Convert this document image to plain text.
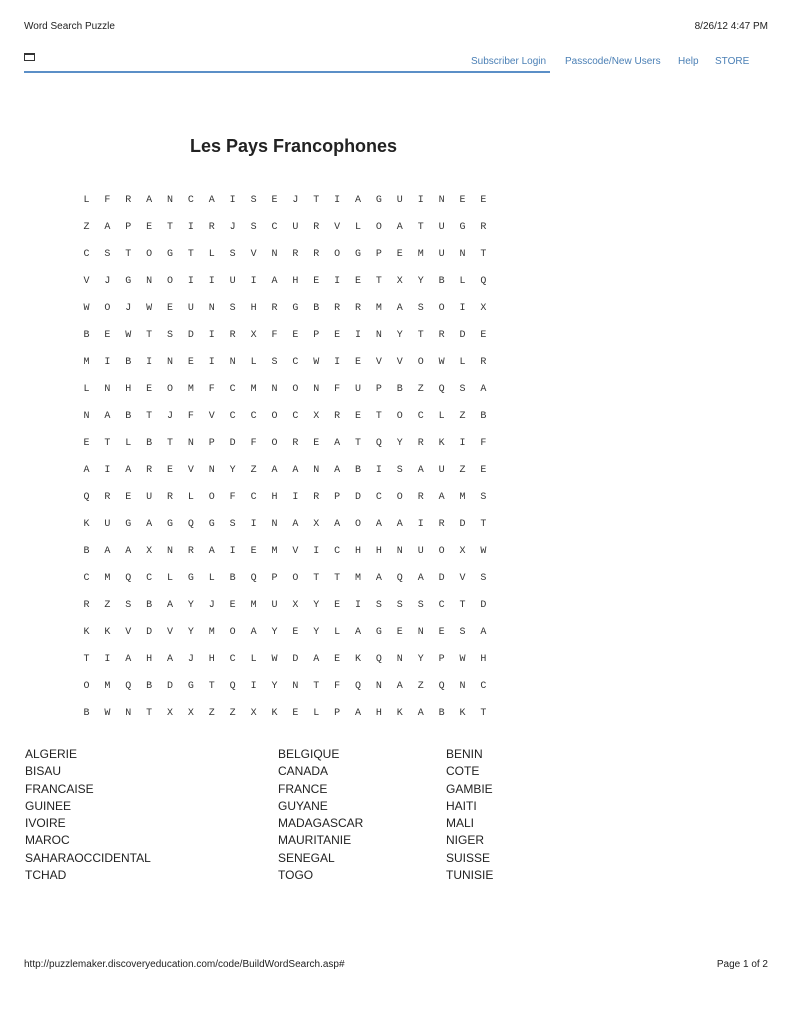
Word Search Puzzle	8/26/12 4:47 PM
Subscriber Login Passcode/New Users Help STORE
Les Pays Francophones
L	F	R	A	N	C	A	I	S	E	J	T	I	A	G	U	I	N	E	E
Z	A	P	E	T	I	R	J	S	C	U	R	V	L	O	A	T	U	G	R
C	S	T	O	G	T	L	S	V	N	R	R	O	G	P	E	M	U	N	T
V	J	G	N	O	I	I	U	I	A	H	E	I	E	T	X	Y	B	L	Q
W	O	J	W	E	U	N	S	H	R	G	B	R	R	M	A	S	O	I	X
B	E	W	T	S	D	I	R	X	F	E	P	E	I	N	Y	T	R	D	E
M	I	B	I	N	E	I	N	L	S	C	W	I	E	V	V	O	W	L	R
L	N	H	E	O	M	F	C	M	N	O	N	F	U	P	B	Z	Q	S	A
N	A	B	T	J	F	V	C	C	O	C	X	R	E	T	O	C	L	Z	B
E	T	L	B	T	N	P	D	F	O	R	E	A	T	Q	Y	R	K	I	F
A	I	A	R	E	V	N	Y	Z	A	A	N	A	B	I	S	A	U	Z	E
Q	R	E	U	R	L	O	F	C	H	I	R	P	D	C	O	R	A	M	S
K	U	G	A	G	Q	G	S	I	N	A	X	A	O	A	A	I	R	D	T
B	A	A	X	N	R	A	I	E	M	V	I	C	H	H	N	U	O	X	W
C	M	Q	C	L	G	L	B	Q	P	O	T	T	M	A	Q	A	D	V	S
R	Z	S	B	A	Y	J	E	M	U	X	Y	E	I	S	S	S	C	T	D
K	K	V	D	V	Y	M	O	A	Y	E	Y	L	A	G	E	N	E	S	A
T	I	A	H	A	J	H	C	L	W	D	A	E	K	Q	N	Y	P	W	H
O	M	Q	B	D	G	T	Q	I	Y	N	T	F	Q	N	A	Z	Q	N	C
B	W	N	T	X	X	Z	Z	X	K	E	L	P	A	H	K	A	B	K	T
ALGERIE
BISAU
FRANCAISE
GUINEE
IVOIRE
MAROC
SAHARAOCCIDENTAL
TCHAD
BELGIQUE
CANADA
FRANCE
GUYANE
MADAGASCAR
MAURITANIE
SENEGAL
TOGO
BENIN
COTE
GAMBIE
HAITI
MALI
NIGER
SUISSE
TUNISIE
http://puzzlemaker.discoveryeducation.com/code/BuildWordSearch.asp#	Page 1 of 2
